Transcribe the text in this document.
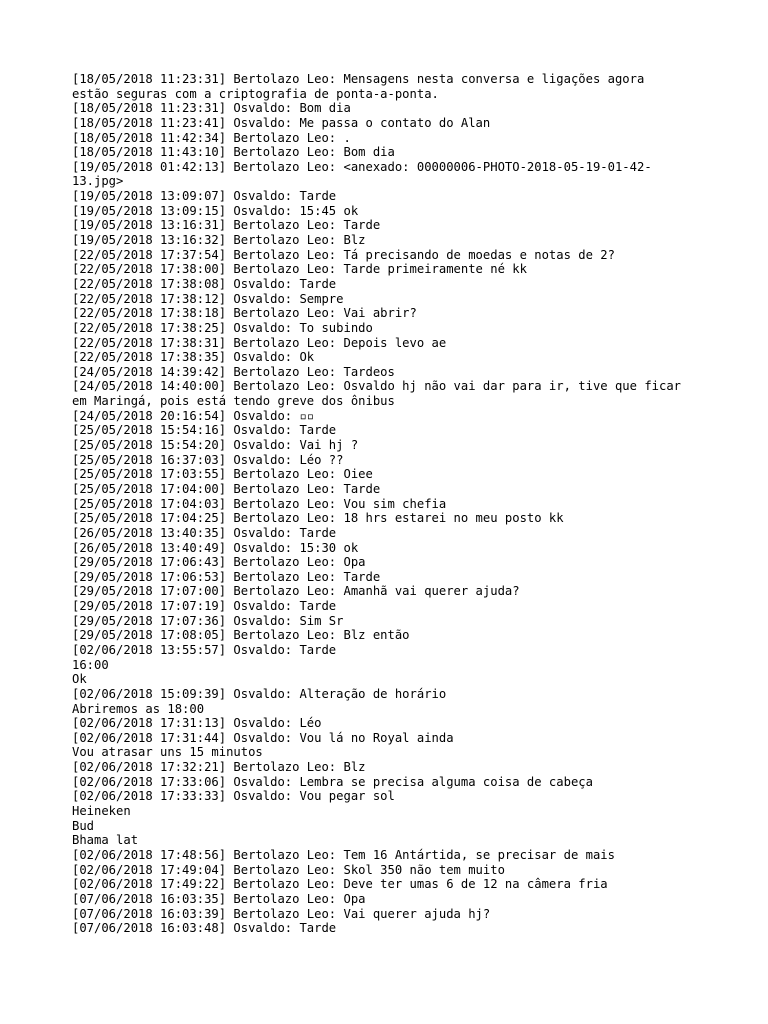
[18/05/2018 11:23:31] Bertolazo Leo: Mensagens nesta conversa e ligações agora
estão seguras com a criptografia de ponta-a-ponta.
[18/05/2018 11:23:31] Osvaldo: Bom dia
[18/05/2018 11:23:41] Osvaldo: Me passa o contato do Alan
[18/05/2018 11:42:34] Bertolazo Leo: .
[18/05/2018 11:43:10] Bertolazo Leo: Bom dia
[19/05/2018 01:42:13] Bertolazo Leo: <anexado: 00000006-PHOTO-2018-05-19-01-42-
13.jpg>
[19/05/2018 13:09:07] Osvaldo: Tarde
[19/05/2018 13:09:15] Osvaldo: 15:45 ok
[19/05/2018 13:16:31] Bertolazo Leo: Tarde
[19/05/2018 13:16:32] Bertolazo Leo: Blz
[22/05/2018 17:37:54] Bertolazo Leo: Tá precisando de moedas e notas de 2?
[22/05/2018 17:38:00] Bertolazo Leo: Tarde primeiramente né kk
[22/05/2018 17:38:08] Osvaldo: Tarde
[22/05/2018 17:38:12] Osvaldo: Sempre
[22/05/2018 17:38:18] Bertolazo Leo: Vai abrir?
[22/05/2018 17:38:25] Osvaldo: To subindo
[22/05/2018 17:38:31] Bertolazo Leo: Depois levo ae
[22/05/2018 17:38:35] Osvaldo: Ok
[24/05/2018 14:39:42] Bertolazo Leo: Tardeos
[24/05/2018 14:40:00] Bertolazo Leo: Osvaldo hj não vai dar para ir, tive que ficar
em Maringá, pois está tendo greve dos ônibus
[24/05/2018 20:16:54] Osvaldo: ▫▫
[25/05/2018 15:54:16] Osvaldo: Tarde
[25/05/2018 15:54:20] Osvaldo: Vai hj ?
[25/05/2018 16:37:03] Osvaldo: Léo ??
[25/05/2018 17:03:55] Bertolazo Leo: Oiee
[25/05/2018 17:04:00] Bertolazo Leo: Tarde
[25/05/2018 17:04:03] Bertolazo Leo: Vou sim chefia
[25/05/2018 17:04:25] Bertolazo Leo: 18 hrs estarei no meu posto kk
[26/05/2018 13:40:35] Osvaldo: Tarde
[26/05/2018 13:40:49] Osvaldo: 15:30 ok
[29/05/2018 17:06:43] Bertolazo Leo: Opa
[29/05/2018 17:06:53] Bertolazo Leo: Tarde
[29/05/2018 17:07:00] Bertolazo Leo: Amanhã vai querer ajuda?
[29/05/2018 17:07:19] Osvaldo: Tarde
[29/05/2018 17:07:36] Osvaldo: Sim Sr
[29/05/2018 17:08:05] Bertolazo Leo: Blz então
[02/06/2018 13:55:57] Osvaldo: Tarde
16:00
Ok
[02/06/2018 15:09:39] Osvaldo: Alteração de horário
Abriremos as 18:00
[02/06/2018 17:31:13] Osvaldo: Léo
[02/06/2018 17:31:44] Osvaldo: Vou lá no Royal ainda
Vou atrasar uns 15 minutos
[02/06/2018 17:32:21] Bertolazo Leo: Blz
[02/06/2018 17:33:06] Osvaldo: Lembra se precisa alguma coisa de cabeça
[02/06/2018 17:33:33] Osvaldo: Vou pegar sol
Heineken
Bud
Bhama lat
[02/06/2018 17:48:56] Bertolazo Leo: Tem 16 Antártida, se precisar de mais
[02/06/2018 17:49:04] Bertolazo Leo: Skol 350 não tem muito
[02/06/2018 17:49:22] Bertolazo Leo: Deve ter umas 6 de 12 na câmera fria
[07/06/2018 16:03:35] Bertolazo Leo: Opa
[07/06/2018 16:03:39] Bertolazo Leo: Vai querer ajuda hj?
[07/06/2018 16:03:48] Osvaldo: Tarde
